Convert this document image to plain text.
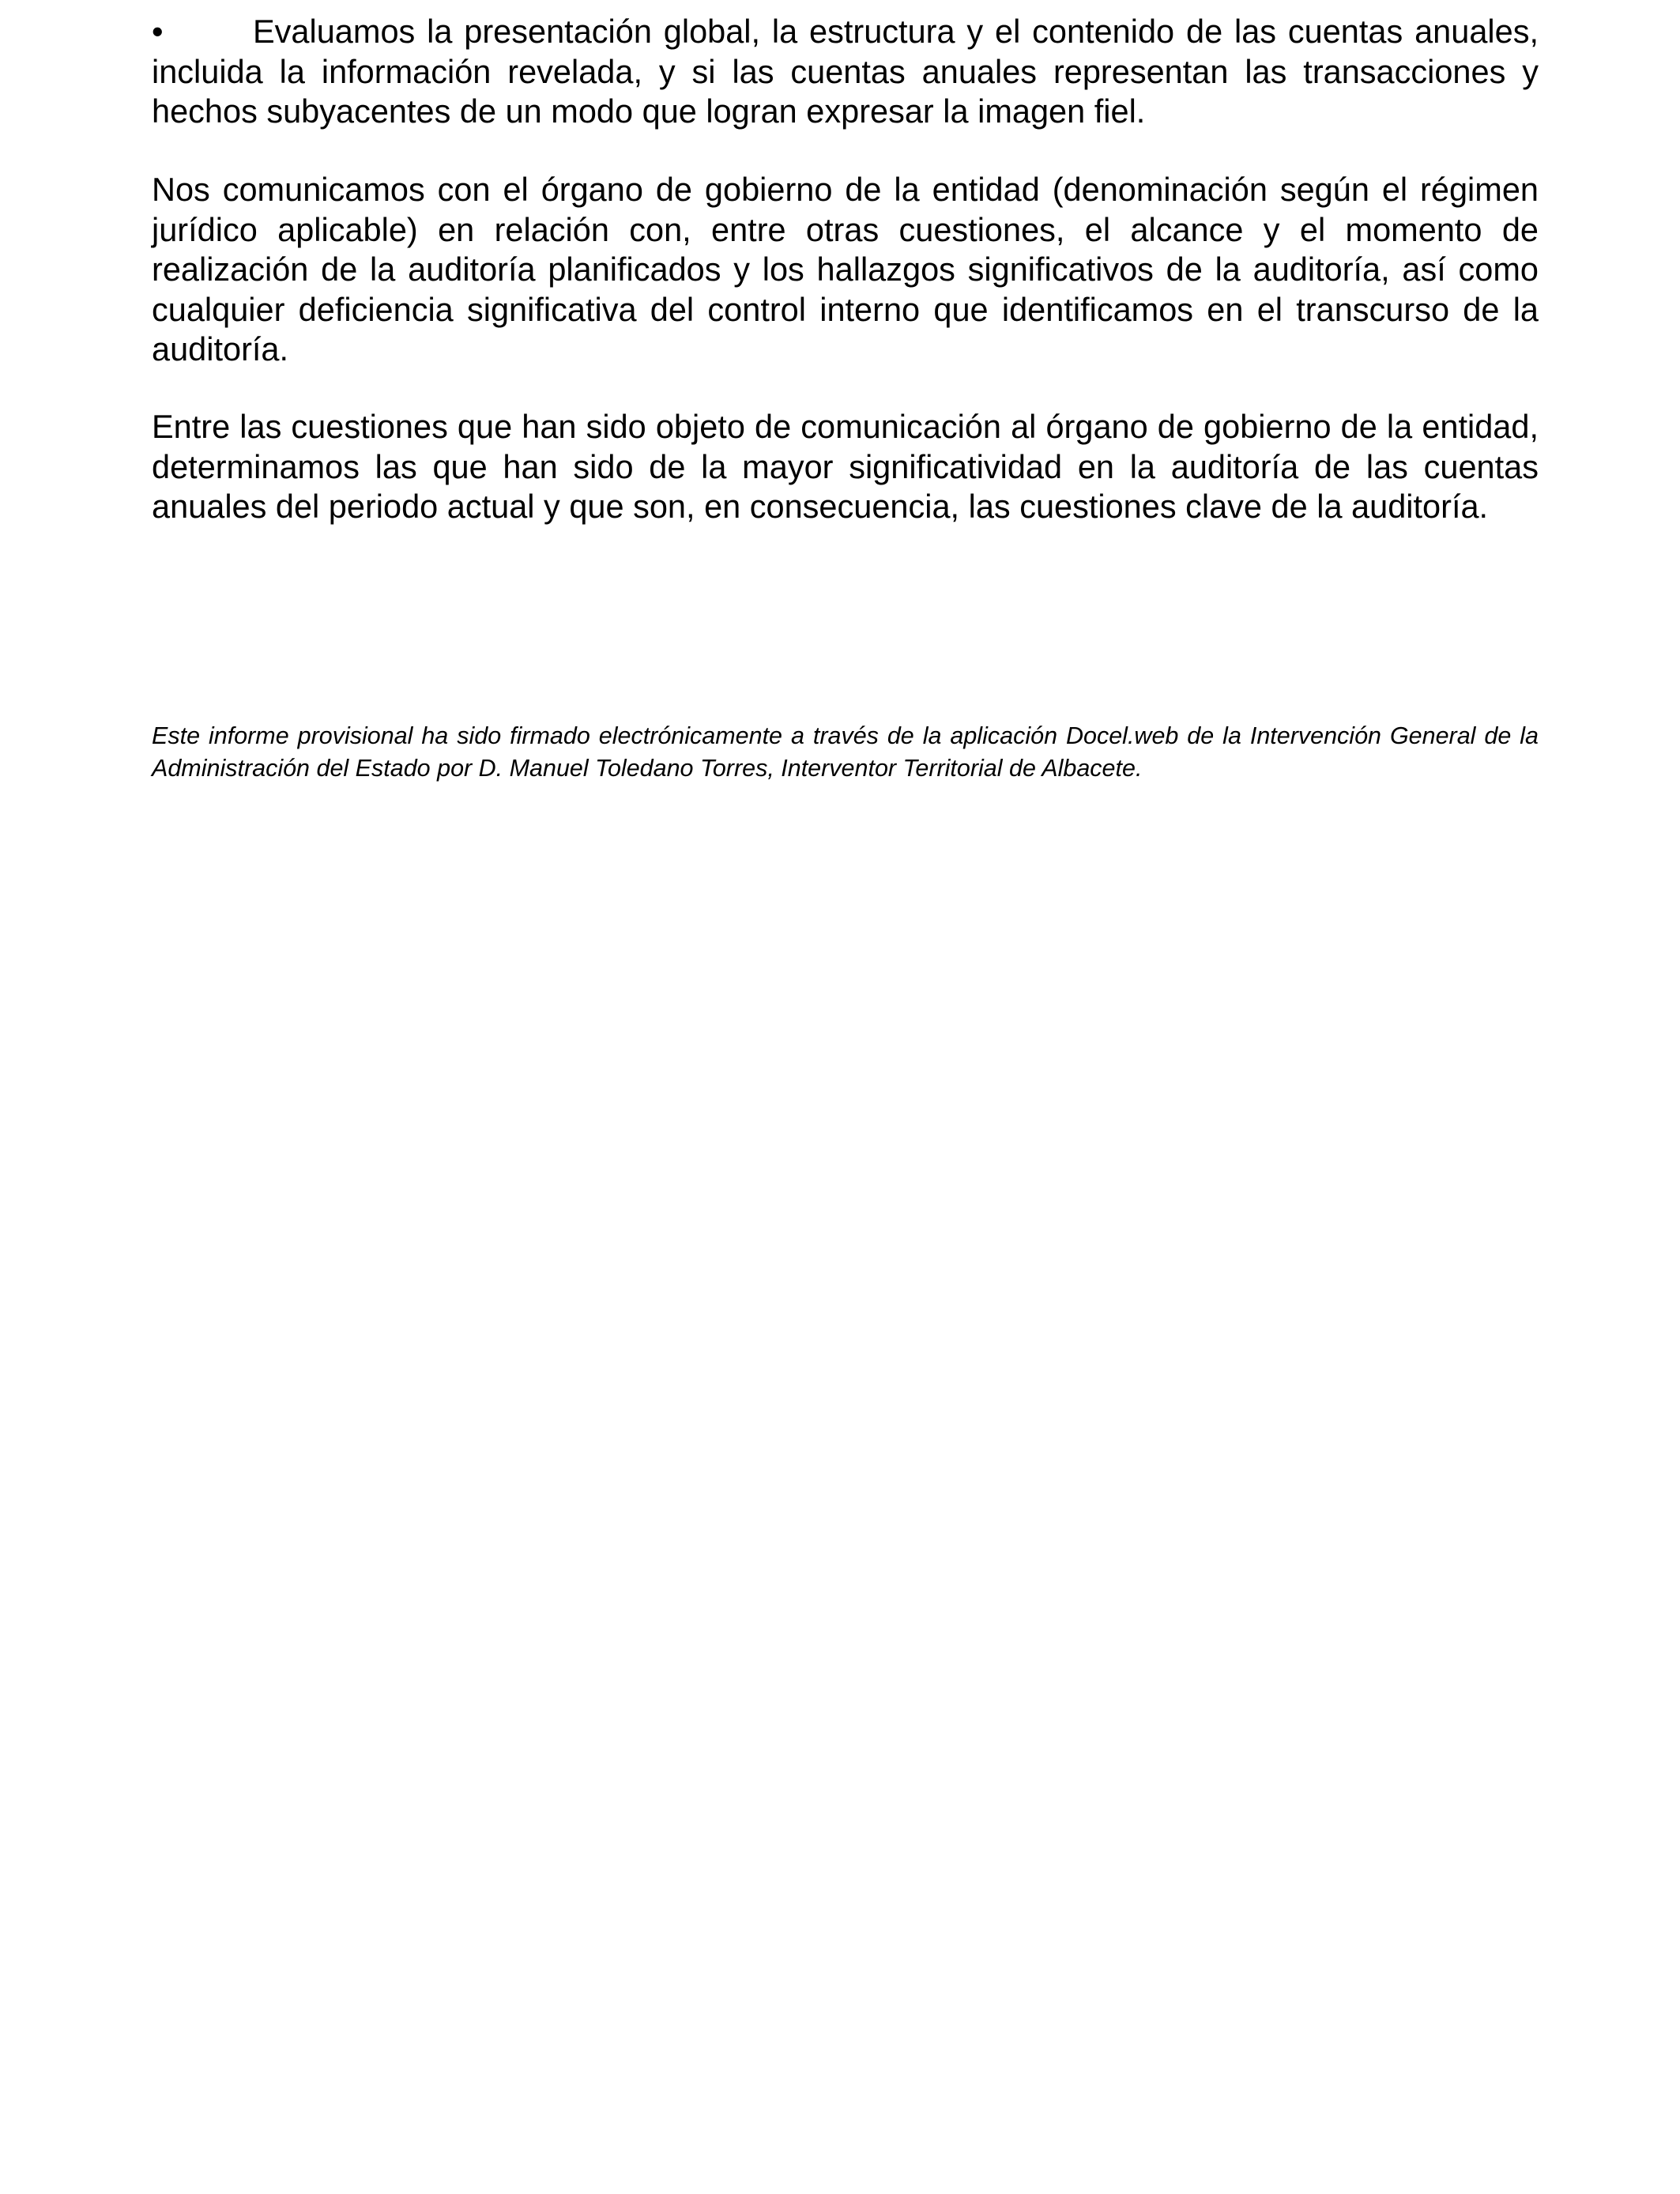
•	Evaluamos la presentación global, la estructura y el contenido de las cuentas anuales, incluida la información revelada, y si las cuentas anuales representan las transacciones y hechos subyacentes de un modo que logran expresar la imagen fiel.

Nos comunicamos con el órgano de gobierno de la entidad (denominación según el régimen jurídico aplicable) en relación con, entre otras cuestiones, el alcance y el momento de realización de la auditoría planificados y los hallazgos significativos de la auditoría, así como cualquier deficiencia significativa del control interno que identificamos en el transcurso de la auditoría.

Entre las cuestiones que han sido objeto de comunicación al órgano de gobierno de la entidad, determinamos las que han sido de la mayor significatividad en la auditoría de las cuentas anuales del periodo actual y que son, en consecuencia, las cuestiones clave de la auditoría.

Este informe provisional ha sido firmado electrónicamente a través de la aplicación Docel.web de la Intervención General de la Administración del Estado por D. Manuel Toledano Torres, Interventor Territorial de Albacete.
